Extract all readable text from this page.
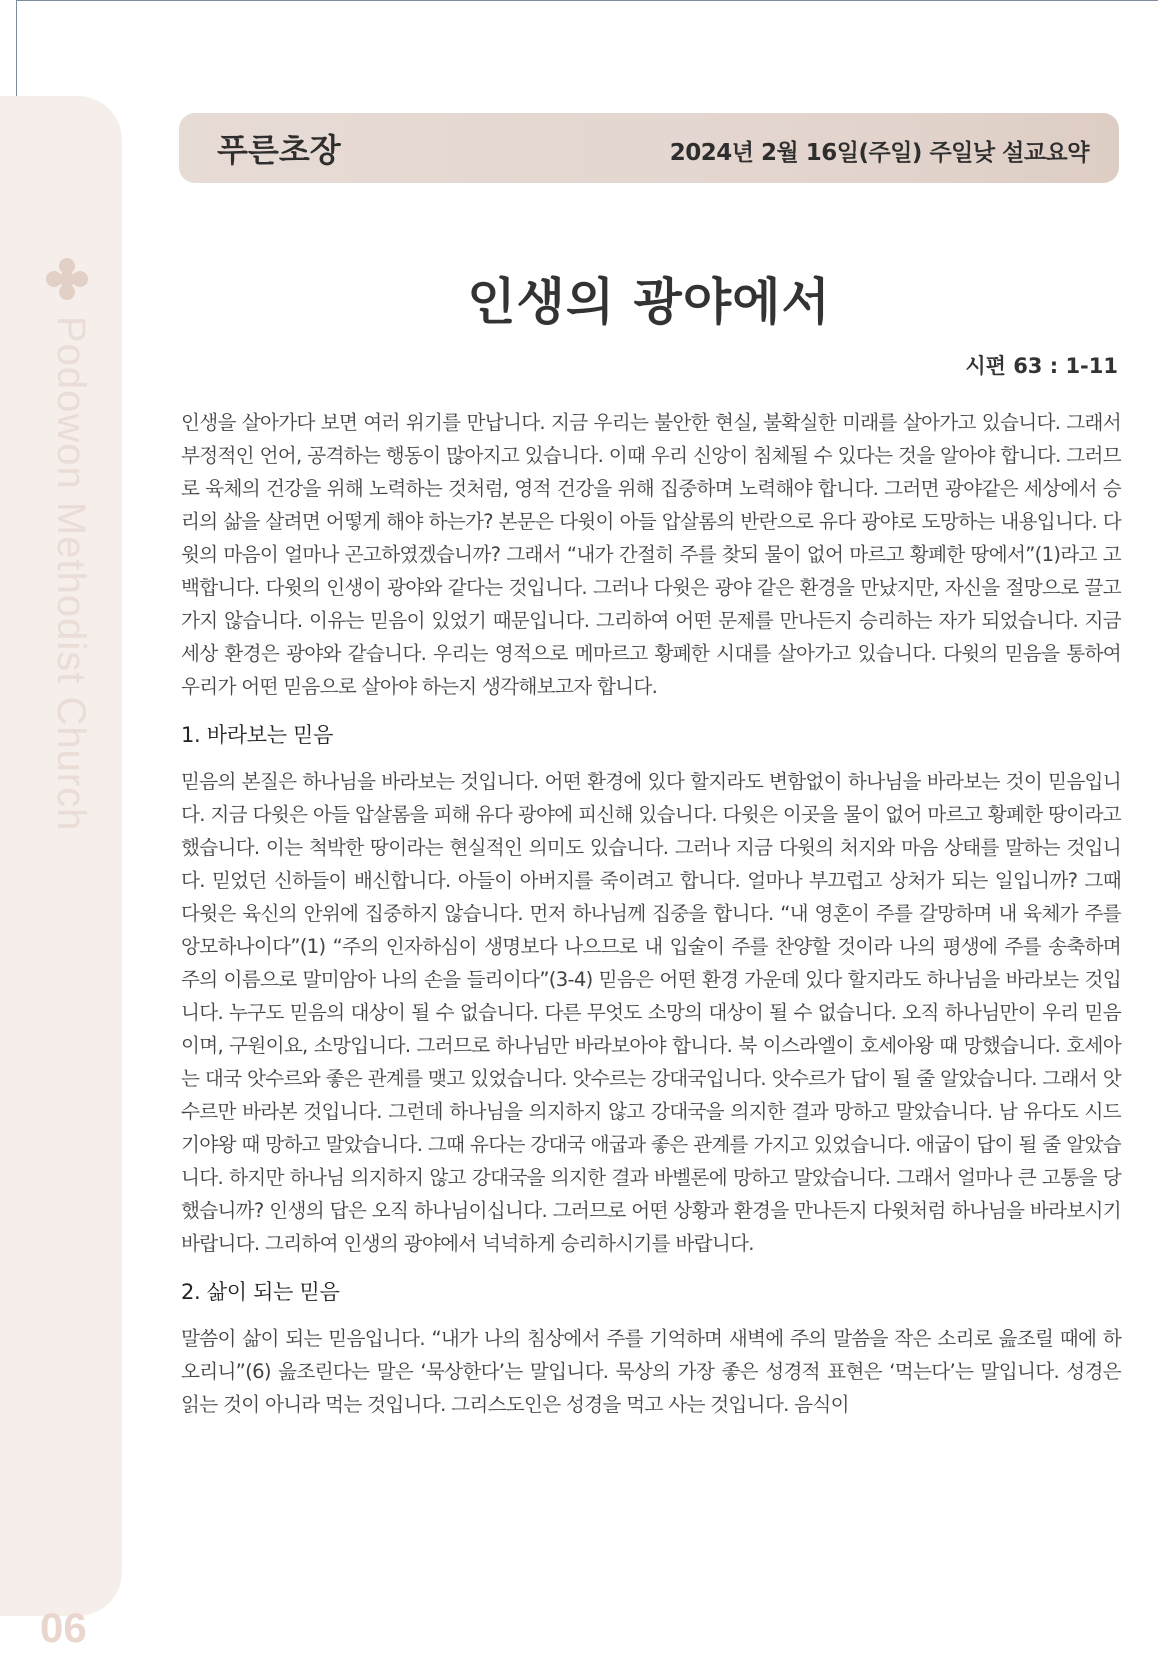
Podowon Methodist Church
06
푸른초장	2024년 2월 16일(주일) 주일낮 설교요약
인생의 광야에서
시편 63 : 1-11

인생을 살아가다 보면 여러 위기를 만납니다. 지금 우리는 불안한 현실, 불확실한 미래를 살아가고 있습니다. 그래서 부정적인 언어, 공격하는 행동이 많아지고 있습니다. 이때 우리 신앙이 침체될 수 있다는 것을 알아야 합니다. 그러므로 육체의 건강을 위해 노력하는 것처럼, 영적 건강을 위해 집중하며 노력해야 합니다. 그러면 광야같은 세상에서 승리의 삶을 살려면 어떻게 해야 하는가? 본문은 다윗이 아들 압살롬의 반란으로 유다 광야로 도망하는 내용입니다. 다윗의 마음이 얼마나 곤고하였겠습니까? 그래서 “내가 간절히 주를 찾되 물이 없어 마르고 황폐한 땅에서”(1)라고 고백합니다. 다윗의 인생이 광야와 같다는 것입니다. 그러나 다윗은 광야 같은 환경을 만났지만, 자신을 절망으로 끌고 가지 않습니다. 이유는 믿음이 있었기 때문입니다. 그리하여 어떤 문제를 만나든지 승리하는 자가 되었습니다. 지금 세상 환경은 광야와 같습니다. 우리는 영적으로 메마르고 황폐한 시대를 살아가고 있습니다. 다윗의 믿음을 통하여 우리가 어떤 믿음으로 살아야 하는지 생각해보고자 합니다.

1. 바라보는 믿음

믿음의 본질은 하나님을 바라보는 것입니다. 어떤 환경에 있다 할지라도 변함없이 하나님을 바라보는 것이 믿음입니다. 지금 다윗은 아들 압살롬을 피해 유다 광야에 피신해 있습니다. 다윗은 이곳을 물이 없어 마르고 황폐한 땅이라고 했습니다. 이는 척박한 땅이라는 현실적인 의미도 있습니다. 그러나 지금 다윗의 처지와 마음 상태를 말하는 것입니다. 믿었던 신하들이 배신합니다. 아들이 아버지를 죽이려고 합니다. 얼마나 부끄럽고 상처가 되는 일입니까? 그때 다윗은 육신의 안위에 집중하지 않습니다. 먼저 하나님께 집중을 합니다. “내 영혼이 주를 갈망하며 내 육체가 주를 앙모하나이다”(1) “주의 인자하심이 생명보다 나으므로 내 입술이 주를 찬양할 것이라 나의 평생에 주를 송축하며 주의 이름으로 말미암아 나의 손을 들리이다”(3-4) 믿음은 어떤 환경 가운데 있다 할지라도 하나님을 바라보는 것입니다. 누구도 믿음의 대상이 될 수 없습니다. 다른 무엇도 소망의 대상이 될 수 없습니다. 오직 하나님만이 우리 믿음이며, 구원이요, 소망입니다. 그러므로 하나님만 바라보아야 합니다. 북 이스라엘이 호세아왕 때 망했습니다. 호세아는 대국 앗수르와 좋은 관계를 맺고 있었습니다. 앗수르는 강대국입니다. 앗수르가 답이 될 줄 알았습니다. 그래서 앗수르만 바라본 것입니다. 그런데 하나님을 의지하지 않고 강대국을 의지한 결과 망하고 말았습니다. 남 유다도 시드기야왕 때 망하고 말았습니다. 그때 유다는 강대국 애굽과 좋은 관계를 가지고 있었습니다. 애굽이 답이 될 줄 알았습니다. 하지만 하나님 의지하지 않고 강대국을 의지한 결과 바벨론에 망하고 말았습니다. 그래서 얼마나 큰 고통을 당했습니까? 인생의 답은 오직 하나님이십니다. 그러므로 어떤 상황과 환경을 만나든지 다윗처럼 하나님을 바라보시기 바랍니다. 그리하여 인생의 광야에서 넉넉하게 승리하시기를 바랍니다.

2. 삶이 되는 믿음

말씀이 삶이 되는 믿음입니다. “내가 나의 침상에서 주를 기억하며 새벽에 주의 말씀을 작은 소리로 읊조릴 때에 하오리니”(6) 읊조린다는 말은 ‘묵상한다’는 말입니다. 묵상의 가장 좋은 성경적 표현은 ‘먹는다’는 말입니다. 성경은 읽는 것이 아니라 먹는 것입니다. 그리스도인은 성경을 먹고 사는 것입니다. 음식이
